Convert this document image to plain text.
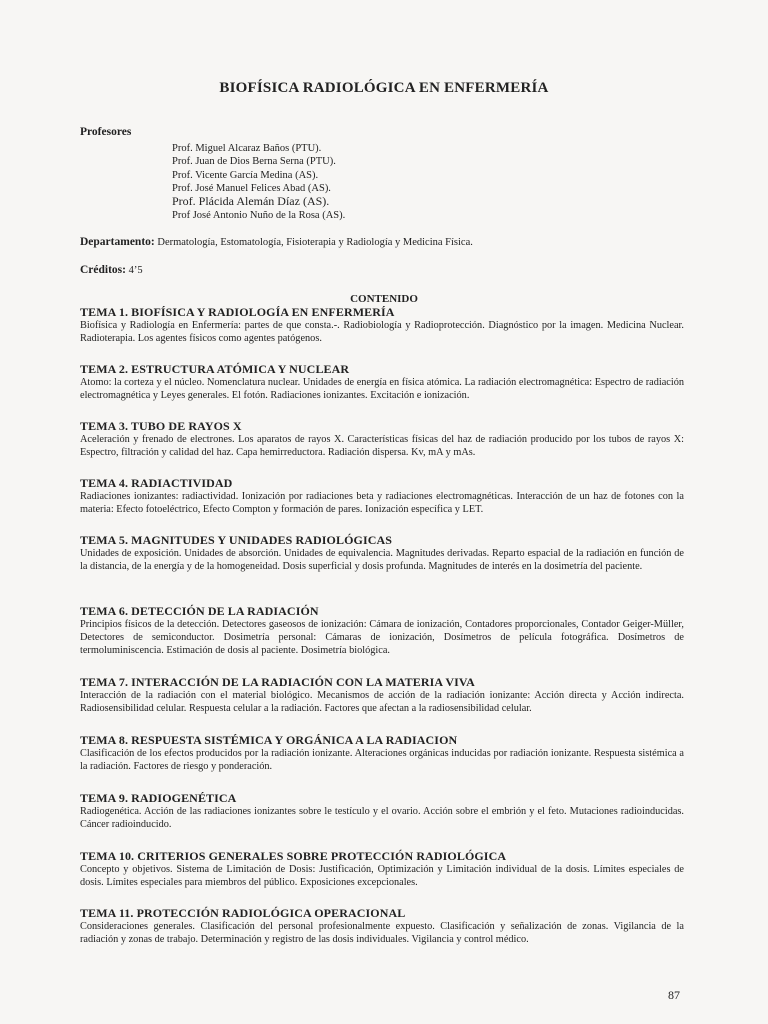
BIOFÍSICA RADIOLÓGICA EN ENFERMERÍA
Profesores
Prof. Miguel Alcaraz Baños (PTU).
Prof. Juan de Dios Berna Serna (PTU).
Prof. Vicente García Medina (AS).
Prof. José Manuel Felices Abad (AS).
Prof. Plácida Alemán Díaz (AS).
Prof José Antonio Nuño de la Rosa (AS).
Departamento: Dermatología, Estomatología, Fisioterapia y Radiología y Medicina Física.
Créditos: 4’5
CONTENIDO
TEMA 1. BIOFÍSICA Y RADIOLOGÍA EN ENFERMERÍA

Biofísica y Radiología en Enfermería: partes de que consta.-. Radiobiología y Radioprotección. Diagnóstico por la imagen. Medicina Nuclear. Radioterapia. Los agentes físicos como agentes patógenos.

TEMA 2. ESTRUCTURA ATÓMICA Y NUCLEAR

Atomo: la corteza y el núcleo. Nomenclatura nuclear. Unidades de energía en física atómica. La radiación electromagnética: Espectro de radiación electromagnética y Leyes generales. El fotón. Radiaciones ionizantes. Excitación e ionización.

TEMA 3. TUBO DE RAYOS X

Aceleración y frenado de electrones. Los aparatos de rayos X. Características físicas del haz de radiación producido por los tubos de rayos X: Espectro, filtración y calidad del haz. Capa hemirreductora. Radiación dispersa. Kv, mA y mAs.

TEMA 4. RADIACTIVIDAD

Radiaciones ionizantes: radiactividad. Ionización por radiaciones beta y radiaciones electromagnéticas. Interacción de un haz de fotones con la materia: Efecto fotoeléctrico, Efecto Compton y formación de pares. Ionización específica y LET.

TEMA 5. MAGNITUDES Y UNIDADES RADIOLÓGICAS

Unidades de exposición. Unidades de absorción. Unidades de equivalencia. Magnitudes derivadas. Reparto espacial de la radiación en función de la distancia, de la energía y de la homogeneidad. Dosis superficial y dosis profunda. Magnitudes de interés en la dosimetría del paciente.

TEMA 6. DETECCIÓN DE LA RADIACIÓN

Principios físicos de la detección. Detectores gaseosos de ionización: Cámara de ionización, Contadores proporcionales, Contador Geiger-Müller, Detectores de semiconductor. Dosimetría personal: Cámaras de ionización, Dosímetros de película fotográfica. Dosímetros de termoluminiscencia. Estimación de dosis al paciente. Dosimetría biológica.

TEMA 7. INTERACCIÓN DE LA RADIACIÓN CON LA MATERIA VIVA

Interacción de la radiación con el material biológico. Mecanismos de acción de la radiación ionizante: Acción directa y Acción indirecta. Radiosensibilidad celular. Respuesta celular a la radiación. Factores que afectan a la radiosensibilidad celular.

TEMA 8. RESPUESTA SISTÉMICA Y ORGÁNICA A LA RADIACION

Clasificación de los efectos producidos por la radiación ionizante. Alteraciones orgánicas inducidas por radiación ionizante. Respuesta sistémica a la radiación. Factores de riesgo y ponderación.

TEMA 9. RADIOGENÉTICA

Radiogenética. Acción de las radiaciones ionizantes sobre le testículo y el ovario. Acción sobre el embrión y el feto. Mutaciones radioinducidas. Cáncer radioinducido.

TEMA 10. CRITERIOS GENERALES SOBRE PROTECCIÓN RADIOLÓGICA

Concepto y objetivos. Sistema de Limitación de Dosis: Justificación, Optimización y Limitación individual de la dosis. Límites especiales de dosis. Límites especiales para miembros del público. Exposiciones excepcionales.

TEMA 11. PROTECCIÓN RADIOLÓGICA OPERACIONAL

Consideraciones generales. Clasificación del personal profesionalmente expuesto. Clasificación y señalización de zonas. Vigilancia de la radiación y zonas de trabajo. Determinación y registro de las dosis individuales. Vigilancia y control médico.

87
